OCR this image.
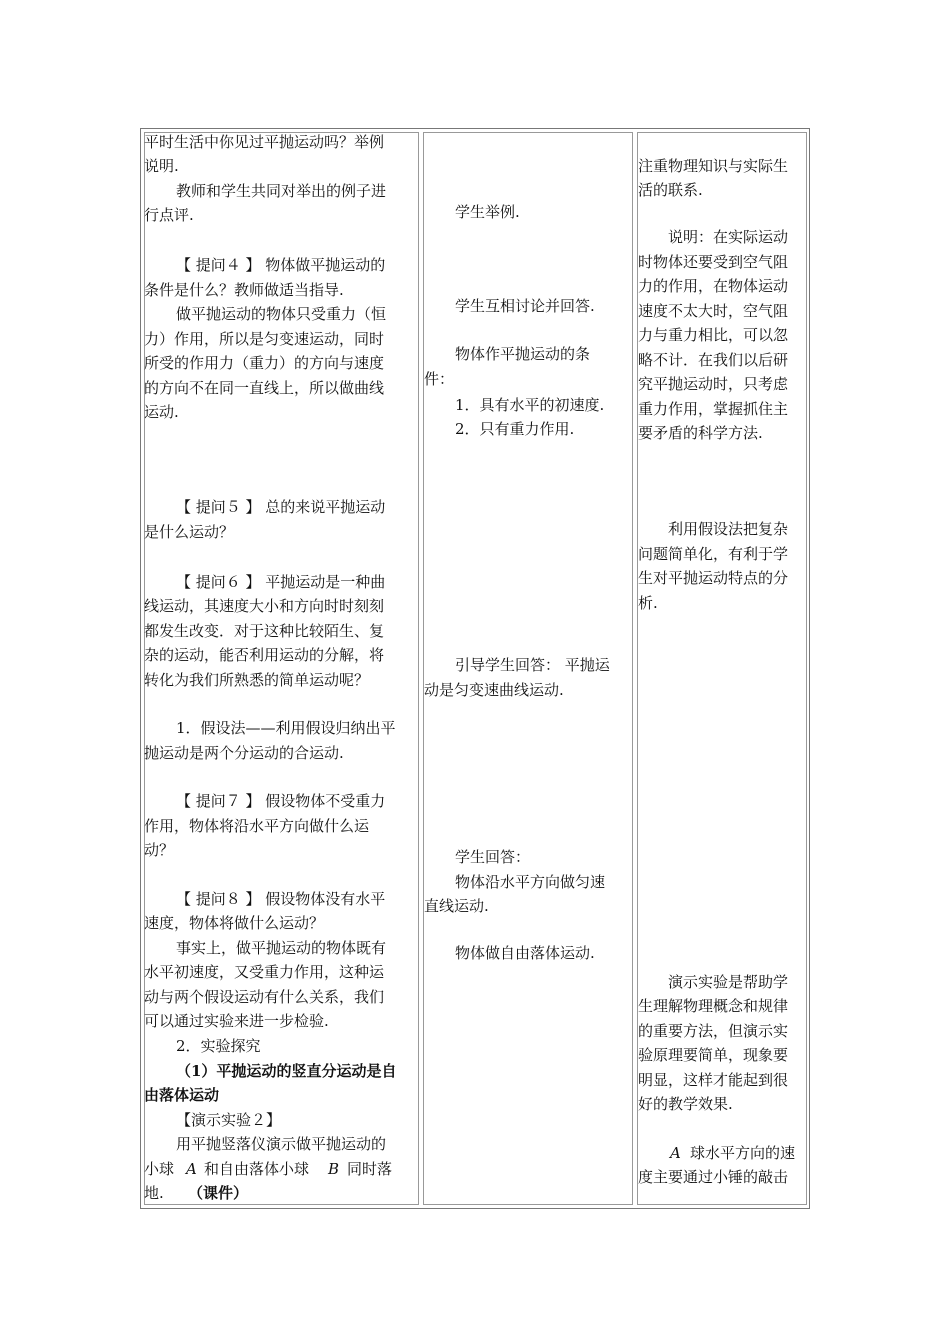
平时生活中你见过平抛运动吗？举例
说明.
教师和学生共同对举出的例子进
行点评.
【 提问４ 】 物体做平抛运动的
条件是什么？教师做适当指导.
做平抛运动的物体只受重力（恒
力）作用，所以是匀变速运动，同时
所受的作用力（重力）的方向与速度
的方向不在同一直线上，所以做曲线
运动.
【 提问５ 】 总的来说平抛运动
是什么运动？
【 提问６ 】 平抛运动是一种曲
线运动，其速度大小和方向时时刻刻
都发生改变．对于这种比较陌生、复
杂的运动，能否利用运动的分解，将
转化为我们所熟悉的简单运动呢？
1．假设法——利用假设归纳出平
抛运动是两个分运动的合运动.
【 提问７ 】 假设物体不受重力
作用，物体将沿水平方向做什么运
动？
【 提问８ 】 假设物体没有水平
速度，物体将做什么运动？
事实上，做平抛运动的物体既有
水平初速度，又受重力作用，这种运
动与两个假设运动有什么关系，我们
可以通过实验来进一步检验.
2．实验探究
（1）平抛运动的竖直分运动是自
由落体运动
【演示实验２】
用平抛竖落仪演示做平抛运动的
小球 A 和自由落体小球 B 同时落
地. （课件）
学生举例.
学生互相讨论并回答.
物体作平抛运动的条
件：
1．具有水平的初速度.
2．只有重力作用.
引导学生回答： 平抛运
动是匀变速曲线运动.
学生回答：
物体沿水平方向做匀速
直线运动.
物体做自由落体运动.
注重物理知识与实际生
活的联系.
说明：在实际运动
时物体还要受到空气阻
力的作用，在物体运动
速度不太大时，空气阻
力与重力相比，可以忽
略不计．在我们以后研
究平抛运动时，只考虑
重力作用，掌握抓住主
要矛盾的科学方法.
利用假设法把复杂
问题简单化，有利于学
生对平抛运动特点的分
析.
演示实验是帮助学
生理解物理概念和规律
的重要方法，但演示实
验原理要简单，现象要
明显，这样才能起到很
好的教学效果.
A 球水平方向的速
度主要通过小锤的敲击
